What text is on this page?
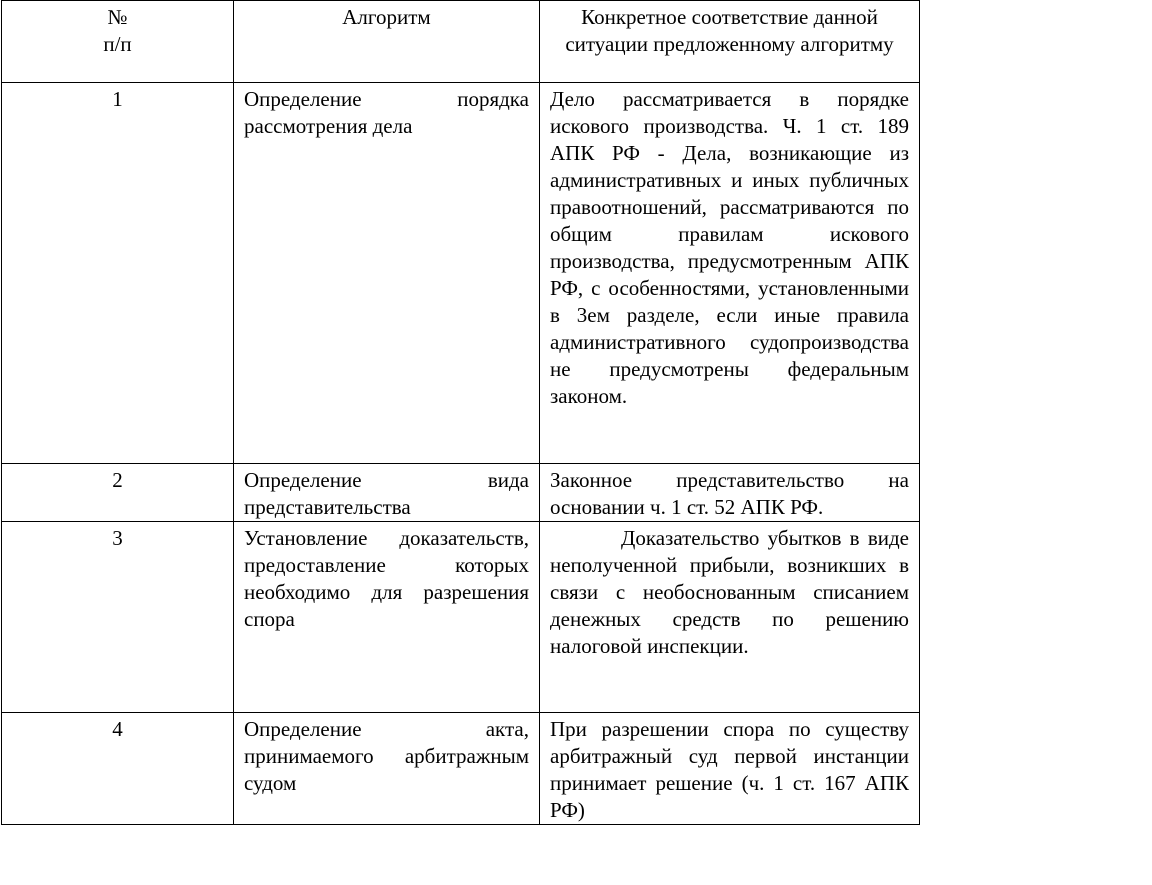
№
п/п	Алгоритм	Конкретное соответствие данной ситуации предложенному алгоритму
1	Определение порядка рассмотрения дела	Дело рассматривается в порядке искового производства. Ч. 1 ст. 189 АПК РФ - Дела, возникающие из административных и иных публичных правоотношений, рассматриваются по общим правилам искового производства, предусмотренным АПК РФ, с особенностями, установленными в 3ем разделе, если иные правила административного судопроизводства не предусмотрены федеральным законом.
2	Определение вида представительства	Законное представительство на основании ч. 1 ст. 52 АПК РФ.
3	Установление доказательств, предоставление которых необходимо для разрешения спора	Доказательство убытков в виде неполученной прибыли, возникших в связи с необоснованным списанием денежных средств по решению налоговой инспекции.
4	Определение акта, принимаемого арбитражным судом	При разрешении спора по существу арбитражный суд первой инстанции принимает решение (ч. 1 ст. 167 АПК РФ)
